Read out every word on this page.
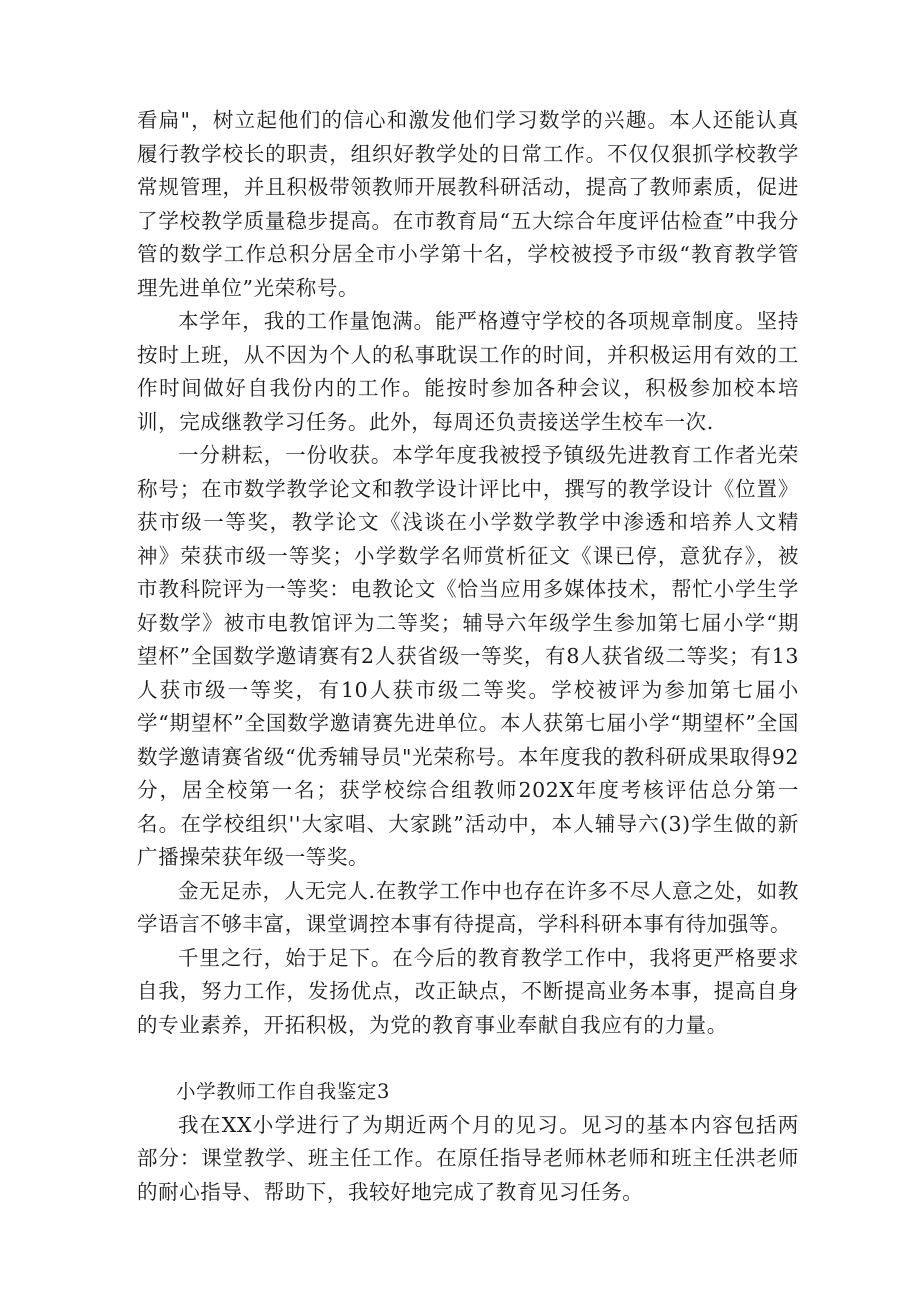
看扁"，树立起他们的信心和激发他们学习数学的兴趣。本人还能认真履行教学校长的职责，组织好教学处的日常工作。不仅仅狠抓学校教学常规管理，并且积极带领教师开展教科研活动，提高了教师素质，促进了学校教学质量稳步提高。在市教育局“五大综合年度评估检查”中我分管的数学工作总积分居全市小学第十名，学校被授予市级“教育教学管理先进单位”光荣称号。

本学年，我的工作量饱满。能严格遵守学校的各项规章制度。坚持按时上班，从不因为个人的私事耽误工作的时间，并积极运用有效的工作时间做好自我份内的工作。能按时参加各种会议，积极参加校本培训，完成继教学习任务。此外，每周还负责接送学生校车一次.

一分耕耘，一份收获。本学年度我被授予镇级先进教育工作者光荣称号；在市数学教学论文和教学设计评比中，撰写的教学设计《位置》获市级一等奖，教学论文《浅谈在小学数学教学中渗透和培养人文精神》荣获市级一等奖；小学数学名师赏析征文《课已停，意犹存》，被市教科院评为一等奖：电教论文《恰当应用多媒体技术，帮忙小学生学好数学》被市电教馆评为二等奖；辅导六年级学生参加第七届小学“期望杯”全国数学邀请赛有2人获省级一等奖，有8人获省级二等奖；有13人获市级一等奖，有10人获市级二等奖。学校被评为参加第七届小学“期望杯”全国数学邀请赛先进单位。本人获第七届小学“期望杯”全国数学邀请赛省级“优秀辅导员"光荣称号。本年度我的教科研成果取得92分，居全校第一名；获学校综合组教师202X年度考核评估总分第一名。在学校组织''大家唱、大家跳”活动中，本人辅导六(3)学生做的新广播操荣获年级一等奖。

金无足赤，人无完人.在教学工作中也存在许多不尽人意之处，如教学语言不够丰富，课堂调控本事有待提高，学科科研本事有待加强等。

千里之行，始于足下。在今后的教育教学工作中，我将更严格要求自我，努力工作，发扬优点，改正缺点，不断提高业务本事，提高自身的专业素养，开拓积极，为党的教育事业奉献自我应有的力量。

小学教师工作自我鉴定3

我在XX小学进行了为期近两个月的见习。见习的基本内容包括两部分：课堂教学、班主任工作。在原任指导老师林老师和班主任洪老师的耐心指导、帮助下，我较好地完成了教育见习任务。
